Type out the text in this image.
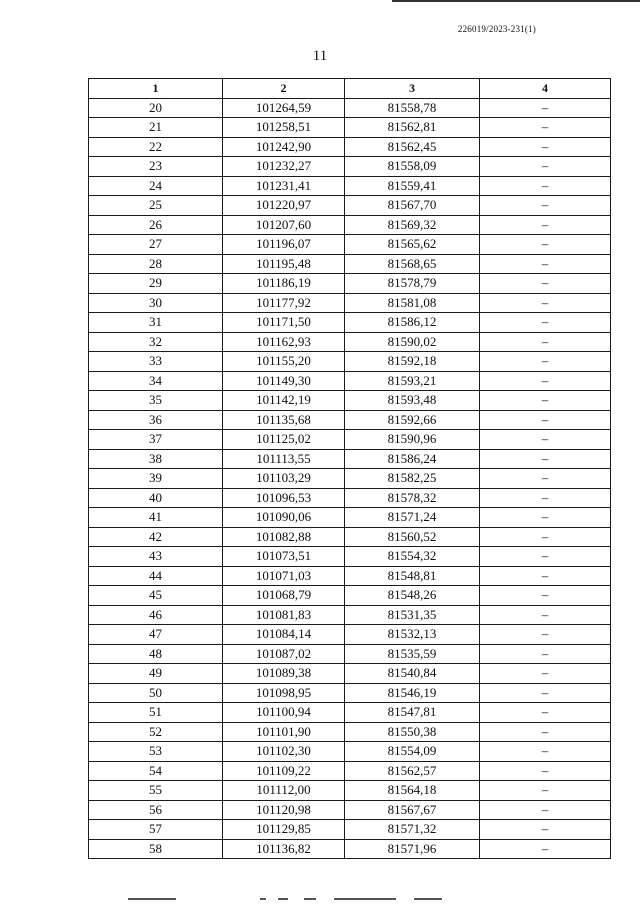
226019/2023-231(1)
11
1	2	3	4
20	101264,59	81558,78	–
21	101258,51	81562,81	–
22	101242,90	81562,45	–
23	101232,27	81558,09	–
24	101231,41	81559,41	–
25	101220,97	81567,70	–
26	101207,60	81569,32	–
27	101196,07	81565,62	–
28	101195,48	81568,65	–
29	101186,19	81578,79	–
30	101177,92	81581,08	–
31	101171,50	81586,12	–
32	101162,93	81590,02	–
33	101155,20	81592,18	–
34	101149,30	81593,21	–
35	101142,19	81593,48	–
36	101135,68	81592,66	–
37	101125,02	81590,96	–
38	101113,55	81586,24	–
39	101103,29	81582,25	–
40	101096,53	81578,32	–
41	101090,06	81571,24	–
42	101082,88	81560,52	–
43	101073,51	81554,32	–
44	101071,03	81548,81	–
45	101068,79	81548,26	–
46	101081,83	81531,35	–
47	101084,14	81532,13	–
48	101087,02	81535,59	–
49	101089,38	81540,84	–
50	101098,95	81546,19	–
51	101100,94	81547,81	–
52	101101,90	81550,38	–
53	101102,30	81554,09	–
54	101109,22	81562,57	–
55	101112,00	81564,18	–
56	101120,98	81567,67	–
57	101129,85	81571,32	–
58	101136,82	81571,96	–
